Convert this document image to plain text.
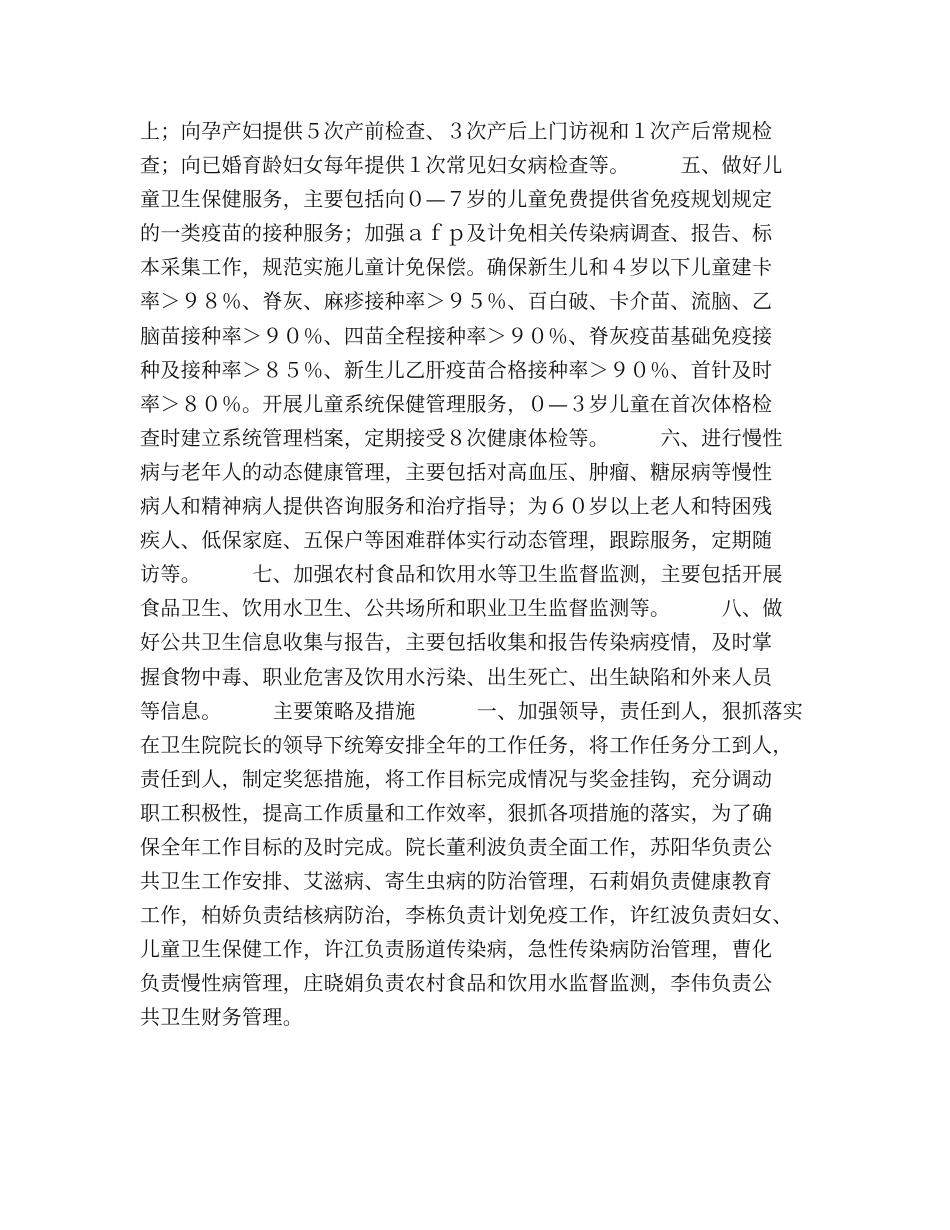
上；向孕产妇提供５次产前检查、３次产后上门访视和１次产后常规检
查；向已婚育龄妇女每年提供１次常见妇女病检查等。　　　五、做好儿
童卫生保健服务，主要包括向０—７岁的儿童免费提供省免疫规划规定
的一类疫苗的接种服务；加强ａｆｐ及计免相关传染病调查、报告、标
本采集工作，规范实施儿童计免保偿。确保新生儿和４岁以下儿童建卡
率＞９８％、脊灰、麻疹接种率＞９５％、百白破、卡介苗、流脑、乙
脑苗接种率＞９０％、四苗全程接种率＞９０％、脊灰疫苗基础免疫接
种及接种率＞８５％、新生儿乙肝疫苗合格接种率＞９０％、首针及时
率＞８０％。开展儿童系统保健管理服务，０—３岁儿童在首次体格检
查时建立系统管理档案，定期接受８次健康体检等。　　　六、进行慢性
病与老年人的动态健康管理，主要包括对高血压、肿瘤、糖尿病等慢性
病人和精神病人提供咨询服务和治疗指导；为６０岁以上老人和特困残
疾人、低保家庭、五保户等困难群体实行动态管理，跟踪服务，定期随
访等。　　　七、加强农村食品和饮用水等卫生监督监测，主要包括开展
食品卫生、饮用水卫生、公共场所和职业卫生监督监测等。　　　八、做
好公共卫生信息收集与报告，主要包括收集和报告传染病疫情，及时掌
握食物中毒、职业危害及饮用水污染、出生死亡、出生缺陷和外来人员
等信息。　　　主要策略及措施　　　一、加强领导，责任到人，狠抓落实
在卫生院院长的领导下统筹安排全年的工作任务，将工作任务分工到人，
责任到人，制定奖惩措施，将工作目标完成情况与奖金挂钩，充分调动
职工积极性，提高工作质量和工作效率，狠抓各项措施的落实，为了确
保全年工作目标的及时完成。院长董利波负责全面工作，苏阳华负责公
共卫生工作安排、艾滋病、寄生虫病的防治管理，石莉娟负责健康教育
工作，柏娇负责结核病防治，李栋负责计划免疫工作，许红波负责妇女、
儿童卫生保健工作，许江负责肠道传染病，急性传染病防治管理，曹化
负责慢性病管理，庄晓娟负责农村食品和饮用水监督监测，李伟负责公
共卫生财务管理。
